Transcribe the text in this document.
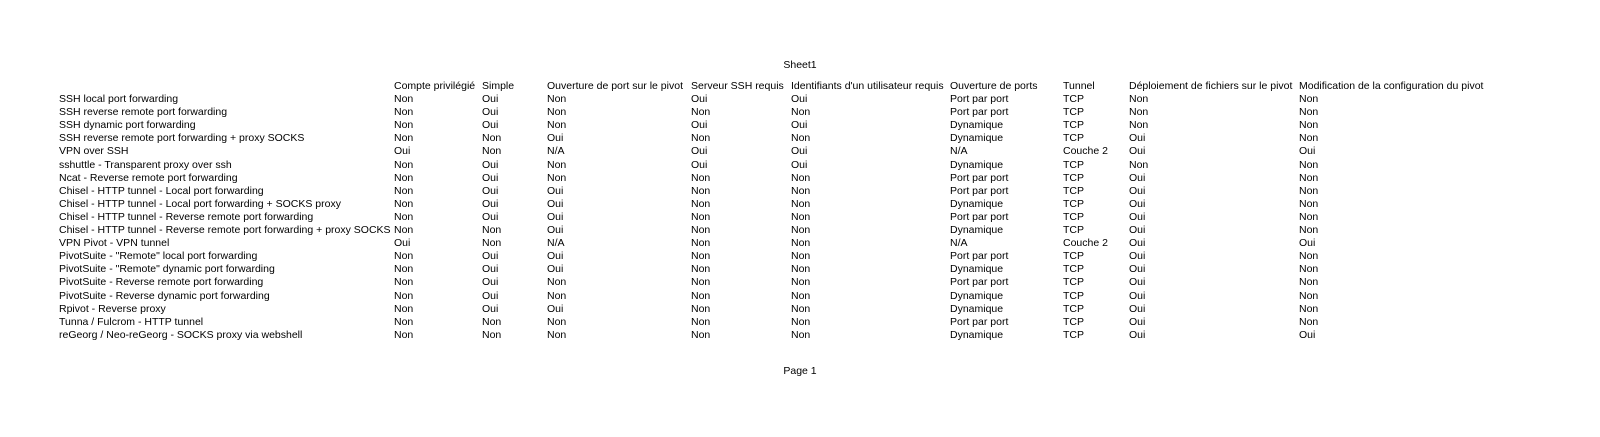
Sheet1
	Compte privilégié	Simple	Ouverture de port sur le pivot	Serveur SSH requis	Identifiants d'un utilisateur requis	Ouverture de ports	Tunnel	Déploiement de fichiers sur le pivot	Modification de la configuration du pivot
SSH local port forwarding	Non	Oui	Non	Oui	Oui	Port par port	TCP	Non	Non
SSH reverse remote port forwarding	Non	Oui	Non	Non	Non	Port par port	TCP	Non	Non
SSH dynamic port forwarding	Non	Oui	Non	Oui	Oui	Dynamique	TCP	Non	Non
SSH reverse remote port forwarding + proxy SOCKS	Non	Non	Oui	Non	Non	Dynamique	TCP	Oui	Non
VPN over SSH	Oui	Non	N/A	Oui	Oui	N/A	Couche 2	Oui	Oui
sshuttle - Transparent proxy over ssh	Non	Oui	Non	Oui	Oui	Dynamique	TCP	Non	Non
Ncat - Reverse remote port forwarding	Non	Oui	Non	Non	Non	Port par port	TCP	Oui	Non
Chisel - HTTP tunnel - Local port forwarding	Non	Oui	Oui	Non	Non	Port par port	TCP	Oui	Non
Chisel - HTTP tunnel - Local port forwarding + SOCKS proxy	Non	Oui	Oui	Non	Non	Dynamique	TCP	Oui	Non
Chisel - HTTP tunnel - Reverse remote port forwarding	Non	Oui	Oui	Non	Non	Port par port	TCP	Oui	Non
Chisel - HTTP tunnel - Reverse remote port forwarding + proxy SOCKS	Non	Non	Oui	Non	Non	Dynamique	TCP	Oui	Non
VPN Pivot - VPN tunnel	Oui	Non	N/A	Non	Non	N/A	Couche 2	Oui	Oui
PivotSuite - "Remote" local port forwarding	Non	Oui	Oui	Non	Non	Port par port	TCP	Oui	Non
PivotSuite - "Remote" dynamic port forwarding	Non	Oui	Oui	Non	Non	Dynamique	TCP	Oui	Non
PivotSuite - Reverse remote port forwarding	Non	Oui	Non	Non	Non	Port par port	TCP	Oui	Non
PivotSuite - Reverse dynamic port forwarding	Non	Oui	Non	Non	Non	Dynamique	TCP	Oui	Non
Rpivot - Reverse proxy	Non	Oui	Oui	Non	Non	Dynamique	TCP	Oui	Non
Tunna / Fulcrom - HTTP tunnel	Non	Non	Non	Non	Non	Port par port	TCP	Oui	Non
reGeorg / Neo-reGeorg - SOCKS proxy via webshell	Non	Non	Non	Non	Non	Dynamique	TCP	Oui	Oui
Page 1
